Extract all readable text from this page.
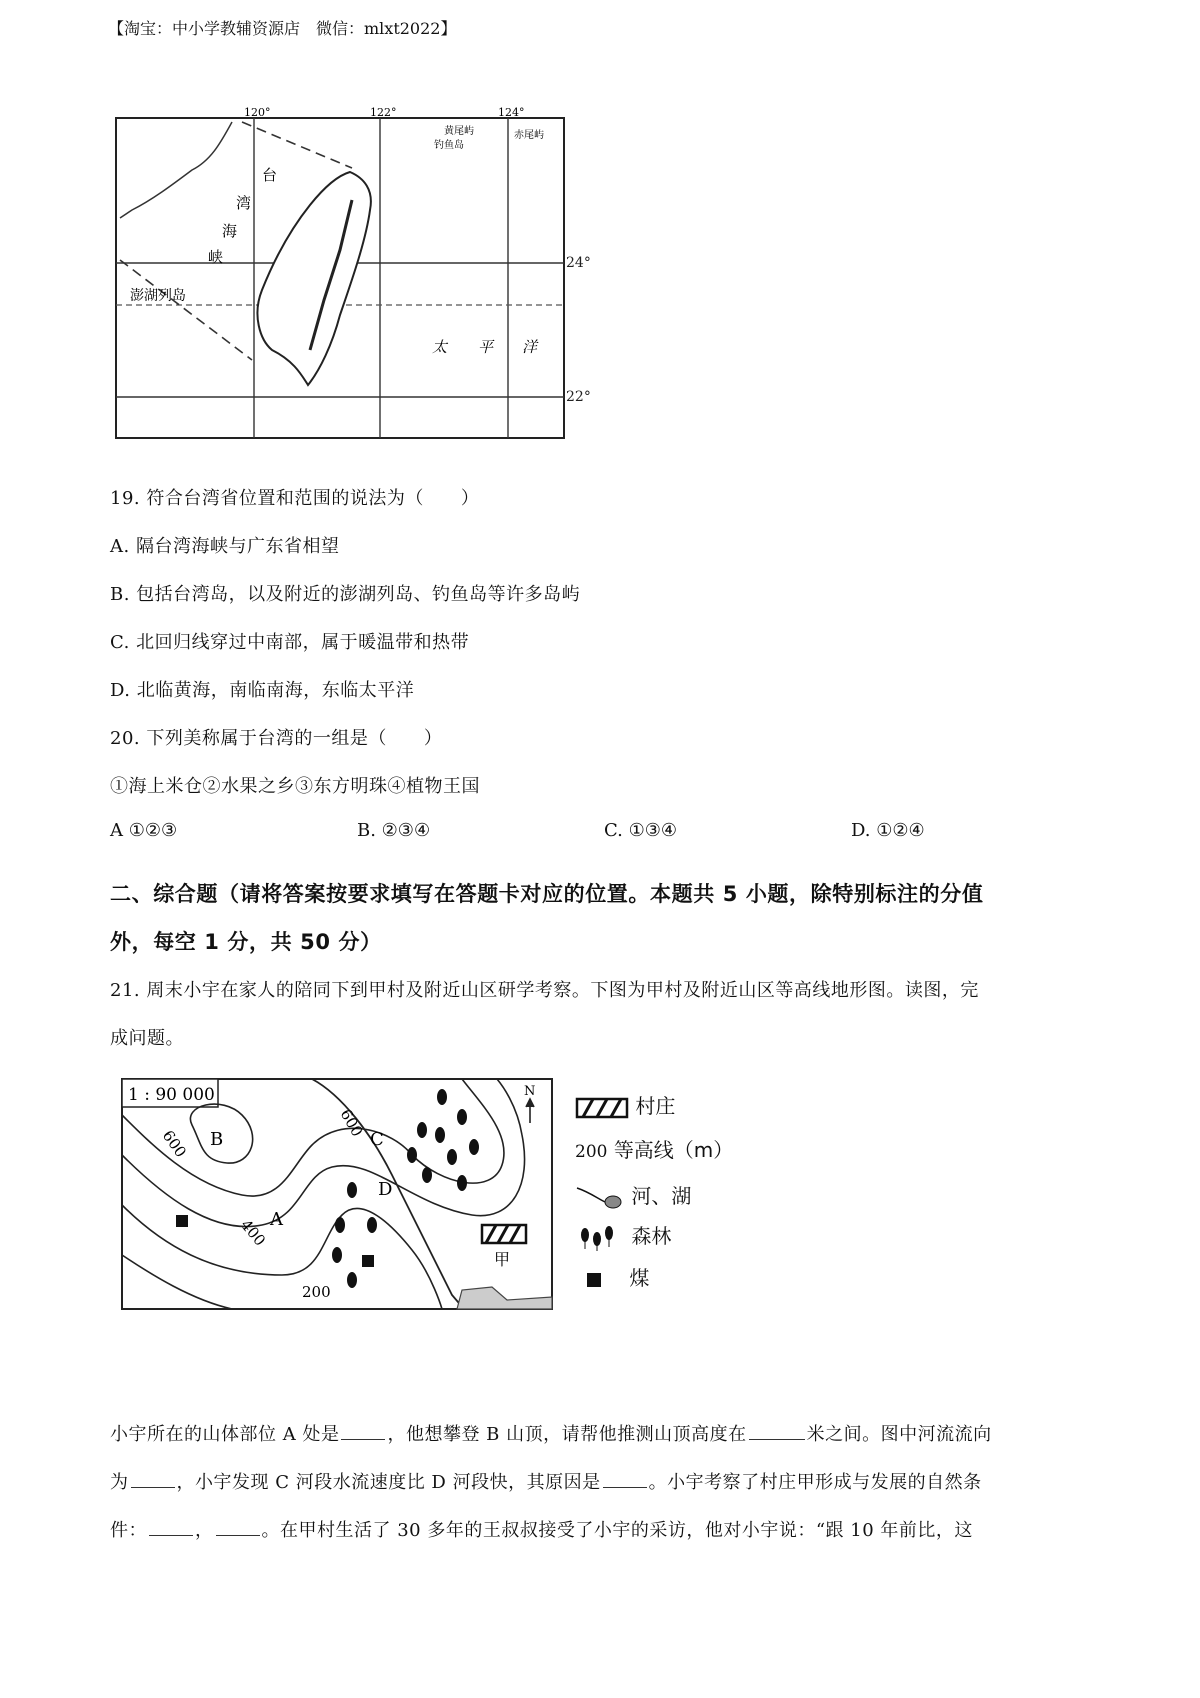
【淘宝：中小学教辅资源店　微信：mlxt2022】
120°	122°	124°
台
湾
海
峡
澎湖列岛
黄尾屿
钓鱼岛
赤尾屿
太 平 洋
24°
22°
19. 符合台湾省位置和范围的说法为（　　）
A. 隔台湾海峡与广东省相望
B. 包括台湾岛，以及附近的澎湖列岛、钓鱼岛等许多岛屿
C. 北回归线穿过中南部，属于暖温带和热带
D. 北临黄海，南临南海，东临太平洋
20. 下列美称属于台湾的一组是（　　）
①海上米仓②水果之乡③东方明珠④植物王国
A ①②③	B. ②③④	C. ①③④	D. ①②④
二、综合题（请将答案按要求填写在答题卡对应的位置。本题共 5 小题，除特别标注的分值
外，每空 1 分，共 50 分）
21. 周末小宇在家人的陪同下到甲村及附近山区研学考察。下图为甲村及附近山区等高线地形图。读图，完
成问题。
1 : 90 000
600
600
400
200
A
B	C
D
N
甲
村庄
200 等高线（m）
河、湖
森林
煤
小宇所在的山体部位 A 处是	，他想攀登 B 山顶，请帮他推测山顶高度在	米之间。图中河流流向
为	，小宇发现 C 河段水流速度比 D 河段快，其原因是	。小宇考察了村庄甲形成与发展的自然条
件：	，	。在甲村生活了 30 多年的王叔叔接受了小宇的采访，他对小宇说：“跟 10 年前比，这
